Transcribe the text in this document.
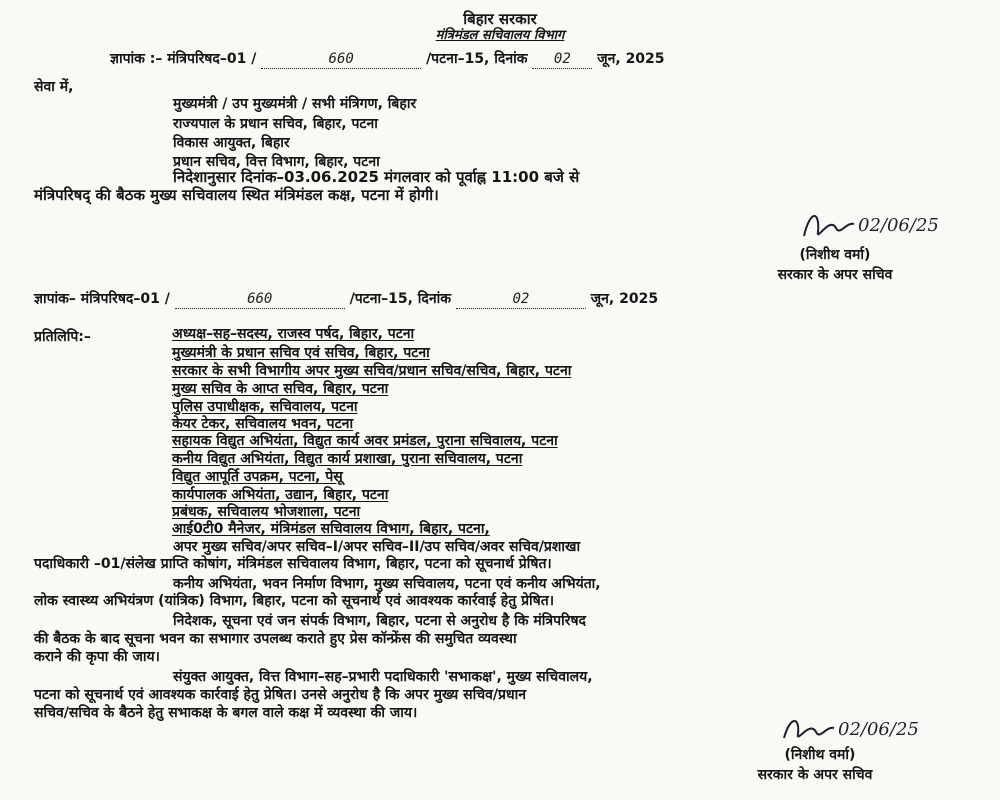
बिहार सरकार
मंत्रिमंडल सचिवालय विभाग
ज्ञापांक :– मंत्रिपरिषद–01 /	660	/पटना–15, दिनांक 02 जून, 2025
सेवा में,
मुख्यमंत्री / उप मुख्यमंत्री / सभी मंत्रिगण, बिहार
राज्यपाल के प्रधान सचिव, बिहार, पटना
विकास आयुक्त, बिहार
प्रधान सचिव, वित्त विभाग, बिहार, पटना
निदेशानुसार दिनांक–03.06.2025 मंगलवार को पूर्वाह्न 11:00 बजे से
मंत्रिपरिषद् की बैठक मुख्य सचिवालय स्थित मंत्रिमंडल कक्ष, पटना में होगी।
02/06/25
(निशीथ वर्मा)
सरकार के अपर सचिव
ज्ञापांक– मंत्रिपरिषद–01 /	660	/पटना–15, दिनांक	02	जून, 2025
प्रतिलिपि:–	अध्यक्ष–सह–सदस्य, राजस्व पर्षद, बिहार, पटना
मुख्यमंत्री के प्रधान सचिव एवं सचिव, बिहार, पटना
सरकार के सभी विभागीय अपर मुख्य सचिव/प्रधान सचिव/सचिव, बिहार, पटना
मुख्य सचिव के आप्त सचिव, बिहार, पटना
पुलिस उपाधीक्षक, सचिवालय, पटना
केयर टेकर, सचिवालय भवन, पटना
सहायक विद्युत अभियंता, विद्युत कार्य अवर प्रमंडल, पुराना सचिवालय, पटना
कनीय विद्युत अभियंता, विद्युत कार्य प्रशाखा, पुराना सचिवालय, पटना
विद्युत आपूर्ति उपक्रम, पटना, पेसू
कार्यपालक अभियंता, उद्यान, बिहार, पटना
प्रबंधक, सचिवालय भोजशाला, पटना
आई0टी0 मैनेजर, मंत्रिमंडल सचिवालय विभाग, बिहार, पटना,
अपर मुख्य सचिव/अपर सचिव–I/अपर सचिव–II/उप सचिव/अवर सचिव/प्रशाखा
पदाधिकारी –01/संलेख प्राप्ति कोषांग, मंत्रिमंडल सचिवालय विभाग, बिहार, पटना को सूचनार्थ प्रेषित।
कनीय अभियंता, भवन निर्माण विभाग, मुख्य सचिवालय, पटना एवं कनीय अभियंता,
लोक स्वास्थ्य अभियंत्रण (यांत्रिक) विभाग, बिहार, पटना को सूचनार्थ एवं आवश्यक कार्रवाई हेतु प्रेषित।
निदेशक, सूचना एवं जन संपर्क विभाग, बिहार, पटना से अनुरोध है कि मंत्रिपरिषद
की बैठक के बाद सूचना भवन का सभागार उपलब्ध कराते हुए प्रेस कॉन्फ्रेंस की समुचित व्यवस्था
कराने की कृपा की जाय।
संयुक्त आयुक्त, वित्त विभाग–सह–प्रभारी पदाधिकारी 'सभाकक्ष', मुख्य सचिवालय,
पटना को सूचनार्थ एवं आवश्यक कार्रवाई हेतु प्रेषित। उनसे अनुरोध है कि अपर मुख्य सचिव/प्रधान
सचिव/सचिव के बैठने हेतु सभाकक्ष के बगल वाले कक्ष में व्यवस्था की जाय।
02/06/25
(निशीथ वर्मा)
सरकार के अपर सचिव
